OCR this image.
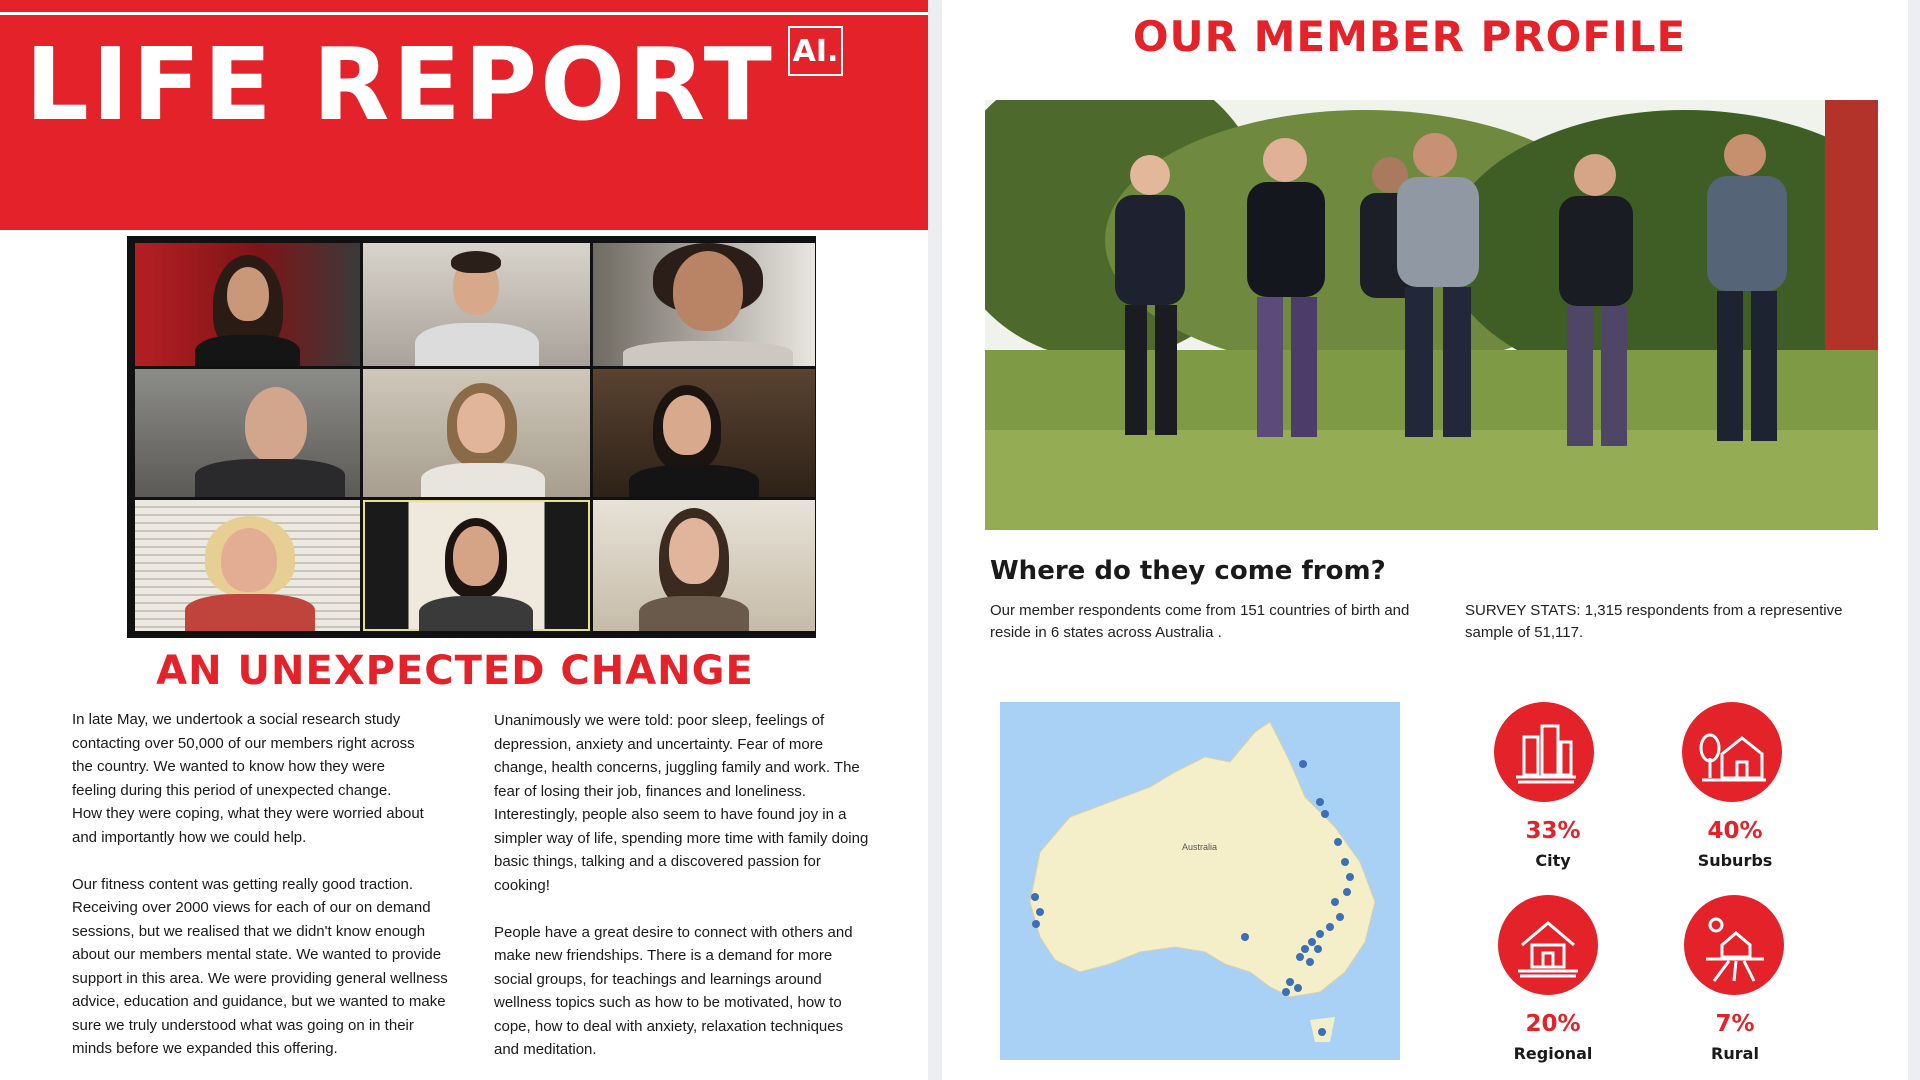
LIFE REPORT AI.
AN UNEXPECTED CHANGE
In late May, we undertook a social research study
contacting over 50,000 of our members right across
the country. We wanted to know how they were
feeling during this period of unexpected change.
How they were coping, what they were worried about
and importantly how we could help.

Our fitness content was getting really good traction.
Receiving over 2000 views for each of our on demand
sessions, but we realised that we didn't know enough
about our members mental state. We wanted to provide
support in this area. We were providing general wellness
advice, education and guidance, but we wanted to make
sure we truly understood what was going on in their
minds before we expanded this offering.
Unanimously we were told: poor sleep, feelings of
depression, anxiety and uncertainty. Fear of more
change, health concerns, juggling family and work. The
fear of losing their job, finances and loneliness.
Interestingly, people also seem to have found joy in a
simpler way of life, spending more time with family doing
basic things, talking and a discovered passion for
cooking!

People have a great desire to connect with others and
make new friendships. There is a demand for more
social groups, for teachings and learnings around
wellness topics such as how to be motivated, how to
cope, how to deal with anxiety, relaxation techniques
and meditation.
OUR MEMBER PROFILE
Where do they come from?
Our member respondents come from 151 countries of birth and reside in 6 states across Australia .
SURVEY STATS: 1,315 respondents from a representive sample of 51,117.
Australia
33%
City
40%
Suburbs
20%
Regional
7%
Rural
